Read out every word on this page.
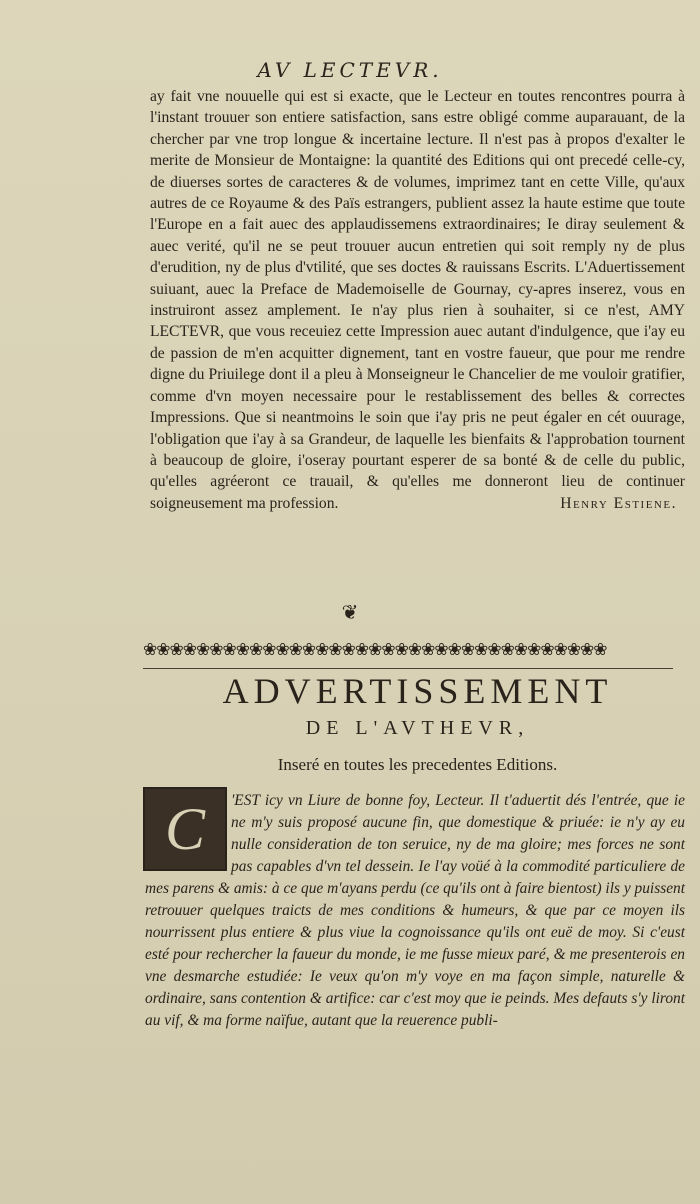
AV LECTEVR.

ay fait vne nouuelle qui est si exacte, que le Lecteur en toutes rencontres pourra à l'instant trouuer son entiere satisfaction, sans estre obligé comme auparauant, de la chercher par vne trop longue & incertaine lecture. Il n'est pas à propos d'exalter le merite de Monsieur de Montaigne: la quantité des Editions qui ont precedé celle-cy, de diuerses sortes de caracteres & de volumes, imprimez tant en cette Ville, qu'aux autres de ce Royaume & des Païs estrangers, publient assez la haute estime que toute l'Europe en a fait auec des applaudissemens extraordinaires; Ie diray seulement & auec verité, qu'il ne se peut trouuer aucun entretien qui soit remply ny de plus d'erudition, ny de plus d'vtilité, que ses doctes & rauissans Escrits. L'Aduertissement suiuant, auec la Preface de Mademoiselle de Gournay, cy-apres inserez, vous en instruiront assez amplement. Ie n'ay plus rien à souhaiter, si ce n'est, AMY LECTEVR, que vous receuiez cette Impression auec autant d'indulgence, que i'ay eu de passion de m'en acquitter dignement, tant en vostre faueur, que pour me rendre digne du Priuilege dont il a pleu à Monseigneur le Chancelier de me vouloir gratifier, comme d'vn moyen necessaire pour le restablissement des belles & correctes Impressions. Que si neantmoins le soin que i'ay pris ne peut égaler en cét ouurage, l'obligation que i'ay à sa Grandeur, de laquelle les bienfaits & l'approbation tournent à beaucoup de gloire, i'oseray pourtant esperer de sa bonté & de celle du public, qu'elles agréeront ce trauail, & qu'elles me donneront lieu de continuer soigneusement ma profession.	Henry Estiene.
❦
❀❀❀❀❀❀❀❀❀❀❀❀❀❀❀❀❀❀❀❀❀❀❀❀❀❀❀❀❀❀❀❀❀❀❀
ADVERTISSEMENT
DE L'AVTHEVR,
Inseré en toutes les precedentes Editions.
C	'EST icy vn Liure de bonne foy, Lecteur. Il t'aduertit dés l'entrée, que ie ne m'y suis proposé aucune fin, que domestique & priuée: ie n'y ay eu nulle consideration de ton seruice, ny de ma gloire; mes forces ne sont pas capables d'vn tel dessein. Ie l'ay voüé à la commodité particuliere de mes parens & amis: à ce que m'ayans perdu (ce qu'ils ont à faire bientost) ils y puissent retrouuer quelques traicts de mes conditions & humeurs, & que par ce moyen ils nourrissent plus entiere & plus viue la cognoissance qu'ils ont euë de moy. Si c'eust esté pour rechercher la faueur du monde, ie me fusse mieux paré, & me presenterois en vne desmarche estudiée: Ie veux qu'on m'y voye en ma façon simple, naturelle & ordinaire, sans contention & artifice: car c'est moy que ie peinds. Mes defauts s'y liront au vif, & ma forme naïfue, autant que la reuerence publi-
